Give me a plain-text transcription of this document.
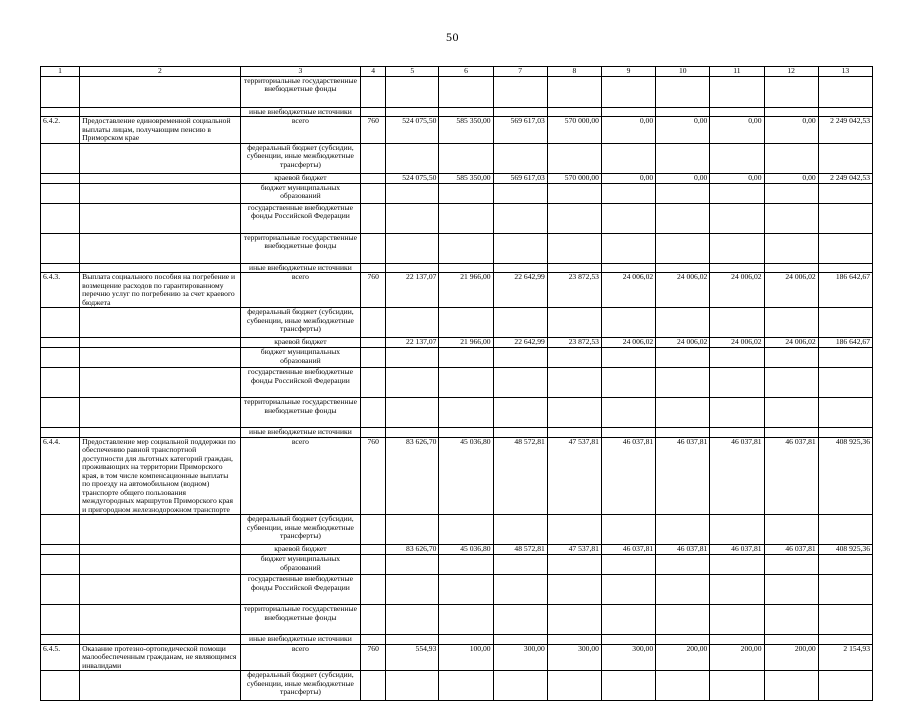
50
1	2	3	4	5	6	7	8	9	10	11	12	13
		территориальные государственные внебюджетные фонды										
		иные внебюджетные источники										
6.4.2.	Предоставление единовременной социальной выплаты лицам, получающим пенсию в Приморском крае	всего	760	524 075,50	585 350,00	569 617,03	570 000,00	0,00	0,00	0,00	0,00	2 249 042,53
		федеральный бюджет (субсидии, субвенции, иные межбюджетные трансферты)										
		краевой бюджет		524 075,50	585 350,00	569 617,03	570 000,00	0,00	0,00	0,00	0,00	2 249 042,53
		бюджет муниципальных образований										
		государственные внебюджетные фонды Российской Федерации										
		территориальные государственные внебюджетные фонды										
		иные внебюджетные источники										
6.4.3.	Выплата социального пособия на погребение и возмещение расходов по гарантированному перечню услуг по погребению за счет краевого бюджета	всего	760	22 137,07	21 966,00	22 642,99	23 872,53	24 006,02	24 006,02	24 006,02	24 006,02	186 642,67
		федеральный бюджет (субсидии, субвенции, иные межбюджетные трансферты)										
		краевой бюджет		22 137,07	21 966,00	22 642,99	23 872,53	24 006,02	24 006,02	24 006,02	24 006,02	186 642,67
		бюджет муниципальных образований										
		государственные внебюджетные фонды Российской Федерации										
		территориальные государственные внебюджетные фонды										
		иные внебюджетные источники										
6.4.4.	Предоставление мер социальной поддержки по обеспечению равной транспортной доступности для льготных категорий граждан, проживающих на территории Приморского края, в том числе компенсационные выплаты по проезду на автомобильном (водном) транспорте общего пользования междугородных маршрутов Приморского края и пригородном железнодорожном транспорте	всего	760	83 626,70	45 036,80	48 572,81	47 537,81	46 037,81	46 037,81	46 037,81	46 037,81	408 925,36
		федеральный бюджет (субсидии, субвенции, иные межбюджетные трансферты)										
		краевой бюджет		83 626,70	45 036,80	48 572,81	47 537,81	46 037,81	46 037,81	46 037,81	46 037,81	408 925,36
		бюджет муниципальных образований										
		государственные внебюджетные фонды Российской Федерации										
		территориальные государственные внебюджетные фонды										
		иные внебюджетные источники										
6.4.5.	Оказание протезно-ортопедической помощи малообеспеченным гражданам, не являющимся инвалидами	всего	760	554,93	100,00	300,00	300,00	300,00	200,00	200,00	200,00	2 154,93
		федеральный бюджет (субсидии, субвенции, иные межбюджетные трансферты)										
